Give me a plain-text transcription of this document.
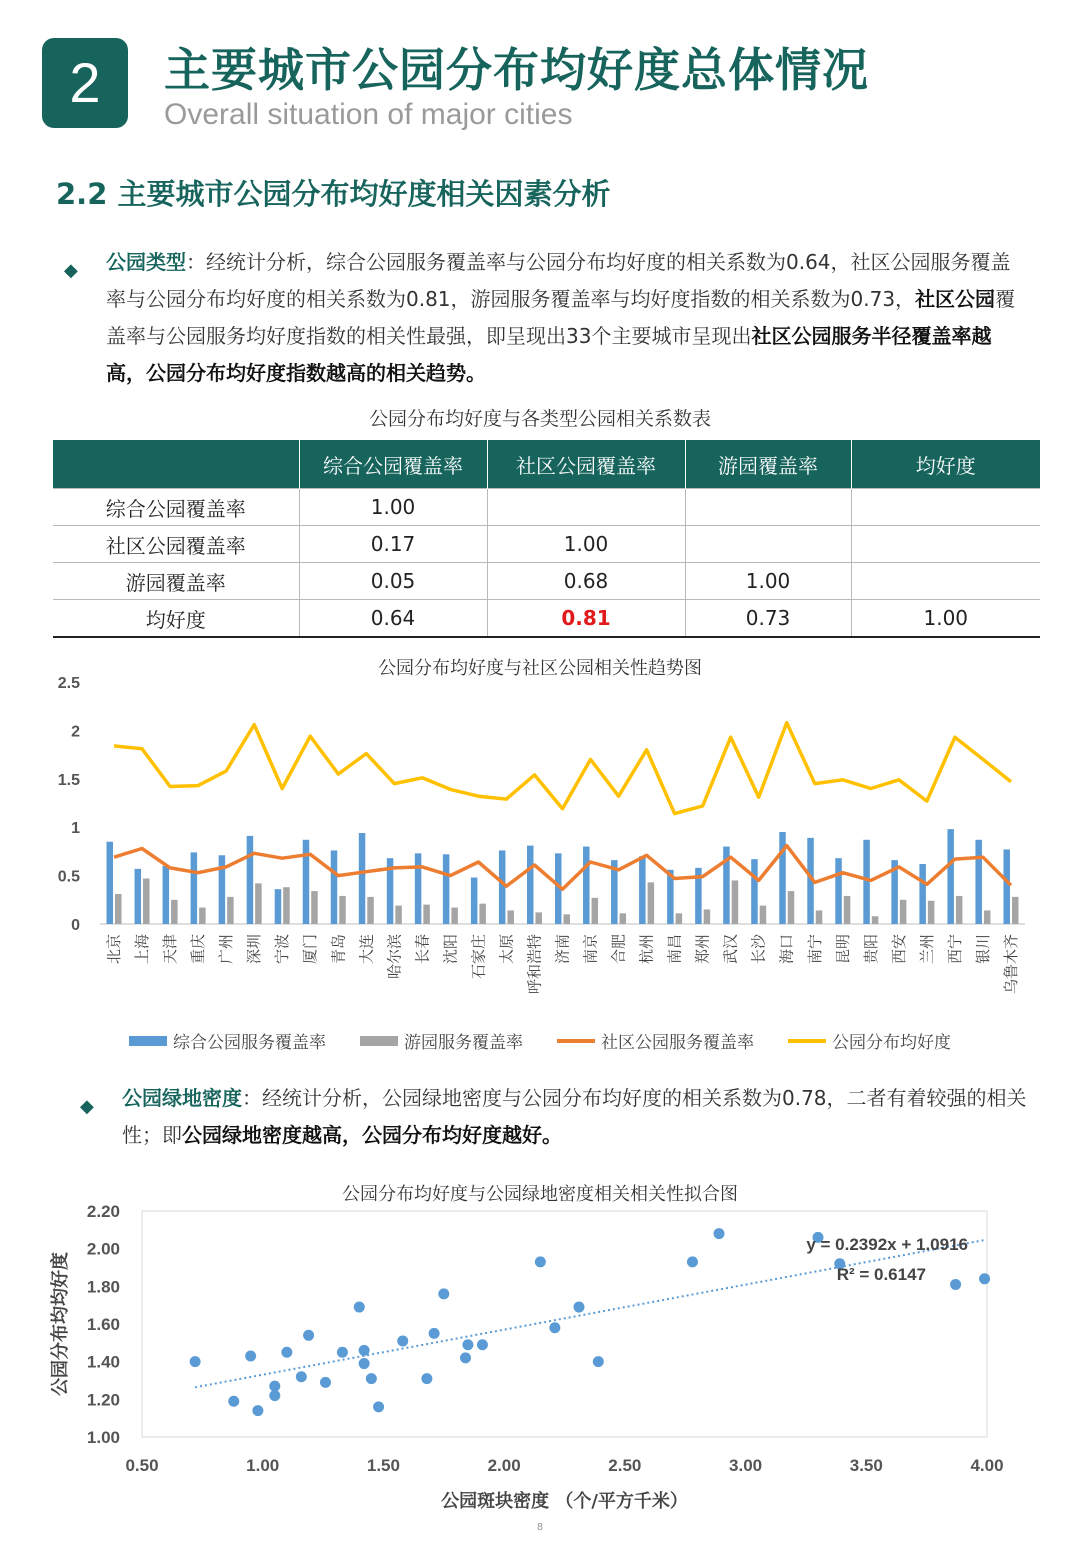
2	主要城市公园分布均好度总体情况
Overall situation of major cities
2.2 主要城市公园分布均好度相关因素分析
◆ 公园类型：经统计分析，综合公园服务覆盖率与公园分布均好度的相关系数为0.64，社区公园服务覆盖率与公园分布均好度的相关系数为0.81，游园服务覆盖率与均好度指数的相关系数为0.73，社区公园覆盖率与公园服务均好度指数的相关性最强，即呈现出33个主要城市呈现出社区公园服务半径覆盖率越高，公园分布均好度指数越高的相关趋势。
公园分布均好度与各类型公园相关系数表
	综合公园覆盖率	社区公园覆盖率	游园覆盖率	均好度
综合公园覆盖率	1.00			
社区公园覆盖率	0.17	1.00		
游园覆盖率	0.05	0.68	1.00	
均好度	0.64	0.81	0.73	1.00
公园分布均好度与社区公园相关性趋势图
0
0.5
1
1.5
2
2.5
北京 上海 天津 重庆 广州 深圳 宁波 厦门 青岛 大连 哈尔滨 长春 沈阳 石家庄 太原 呼和浩特 济南 南京 合肥 杭州 南昌 郑州 武汉 长沙 海口 南宁 昆明 贵阳 西安 兰州 西宁 银川 乌鲁木齐
综合公园服务覆盖率	游园服务覆盖率	社区公园服务覆盖率	公园分布均好度
◆ 公园绿地密度：经统计分析，公园绿地密度与公园分布均好度的相关系数为0.78，二者有着较强的相关性；即公园绿地密度越高，公园分布均好度越好。
公园分布均好度与公园绿地密度相关相关性拟合图
1.00
1.20
1.40
1.60
1.80
2.00
2.20
0.50	1.00	1.50	2.00	2.50	3.00	3.50	4.00
公园斑块密度 （个/平方千米）
公园分布均均好度
y = 0.2392x + 1.0916
R² = 0.6147
8
